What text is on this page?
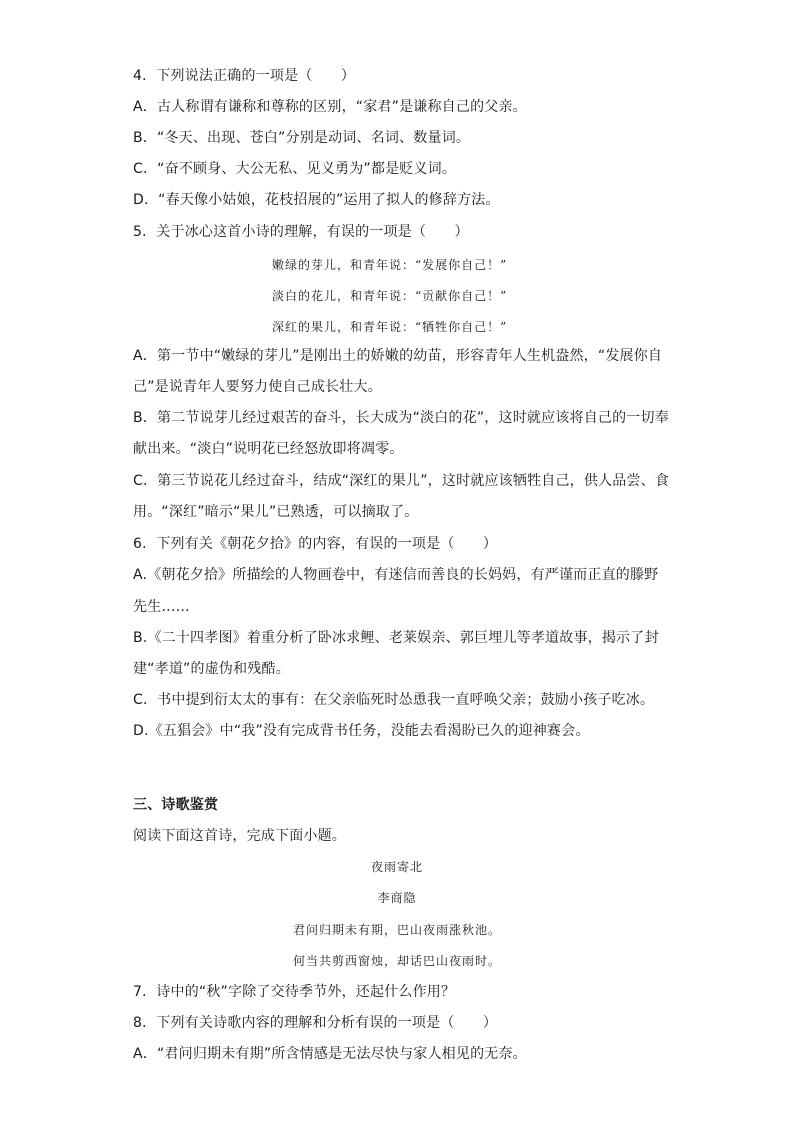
4．下列说法正确的一项是（　　）
A．古人称谓有谦称和尊称的区别，“家君”是谦称自己的父亲。
B．“冬天、出现、苍白”分别是动词、名词、数量词。
C．“奋不顾身、大公无私、见义勇为”都是贬义词。
D．“春天像小姑娘，花枝招展的”运用了拟人的修辞方法。
5．关于冰心这首小诗的理解，有误的一项是（　　）
嫩绿的芽儿，和青年说：“发展你自己！”
淡白的花儿，和青年说：“贡献你自己！”
深红的果儿，和青年说：“牺牲你自己！”
A．第一节中“嫩绿的芽儿”是刚出土的娇嫩的幼苗，形容青年人生机盎然，“发展你自
己”是说青年人要努力使自己成长壮大。
B．第二节说芽儿经过艰苦的奋斗，长大成为“淡白的花”，这时就应该将自己的一切奉
献出来。“淡白”说明花已经怒放即将凋零。
C．第三节说花儿经过奋斗，结成“深红的果儿”，这时就应该牺牲自己，供人品尝、食
用。“深红”暗示“果儿”已熟透，可以摘取了。
6．下列有关《朝花夕拾》的内容，有误的一项是（　　）
A.《朝花夕拾》所描绘的人物画卷中，有迷信而善良的长妈妈，有严谨而正直的滕野
先生……
B.《二十四孝图》着重分析了卧冰求鲤、老莱娱亲、郭巨埋儿等孝道故事，揭示了封
建“孝道”的虚伪和残酷。
C．书中提到衍太太的事有：在父亲临死时怂恿我一直呼唤父亲；鼓励小孩子吃冰。
D.《五猖会》中“我”没有完成背书任务，没能去看渴盼已久的迎神赛会。
三、诗歌鉴赏
阅读下面这首诗，完成下面小题。
夜雨寄北
李商隐
君问归期未有期，巴山夜雨涨秋池。
何当共剪西窗烛，却话巴山夜雨时。
7．诗中的“秋”字除了交待季节外，还起什么作用？
8．下列有关诗歌内容的理解和分析有误的一项是（　　）
A．“君问归期未有期”所含情感是无法尽快与家人相见的无奈。
